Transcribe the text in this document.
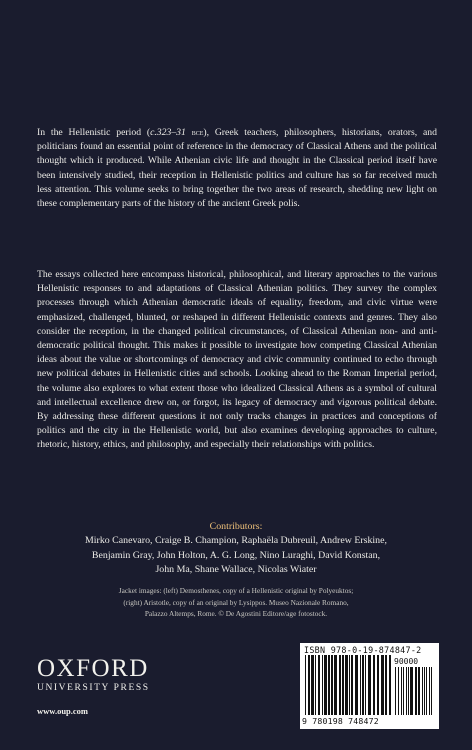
In the Hellenistic period (c.323–31 bce), Greek teachers, philosophers, historians, orators, and politicians found an essential point of reference in the democracy of Classical Athens and the political thought which it produced. While Athenian civic life and thought in the Classical period itself have been intensively studied, their reception in Hellenistic politics and culture has so far received much less attention. This volume seeks to bring together the two areas of research, shedding new light on these complementary parts of the history of the ancient Greek polis.

The essays collected here encompass historical, philosophical, and literary approaches to the various Hellenistic responses to and adaptations of Classical Athenian politics. They survey the complex processes through which Athenian democratic ideals of equality, freedom, and civic virtue were emphasized, challenged, blunted, or reshaped in different Hellenistic contexts and genres. They also consider the reception, in the changed political circumstances, of Classical Athenian non- and anti-democratic political thought. This makes it possible to investigate how competing Classical Athenian ideas about the value or shortcomings of democracy and civic community continued to echo through new political debates in Hellenistic cities and schools. Looking ahead to the Roman Imperial period, the volume also explores to what extent those who idealized Classical Athens as a symbol of cultural and intellectual excellence drew on, or forgot, its legacy of democracy and vigorous political debate. By addressing these different questions it not only tracks changes in practices and conceptions of politics and the city in the Hellenistic world, but also examines developing approaches to culture, rhetoric, history, ethics, and philosophy, and especially their relationships with politics.

Contributors:
Mirko Canevaro, Craige B. Champion, Raphaëla Dubreuil, Andrew Erskine,
Benjamin Gray, John Holton, A. G. Long, Nino Luraghi, David Konstan,
John Ma, Shane Wallace, Nicolas Wiater
Jacket images: (left) Demosthenes, copy of a Hellenistic original by Polyeuktos;
(right) Aristotle, copy of an original by Lysippos. Museo Nazionale Romano,
Palazzo Altemps, Rome. © De Agostini Editore/age fotostock.
OXFORD
UNIVERSITY PRESS
www.oup.com
ISBN 978-0-19-874847-2
90000
9 780198 748472
